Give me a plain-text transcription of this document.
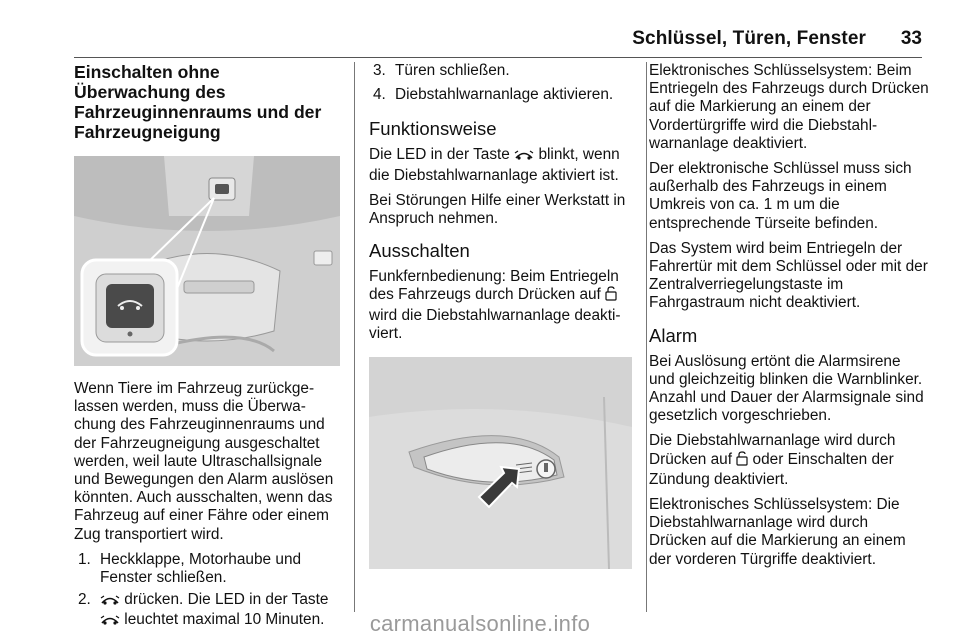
Schlüssel, Türen, Fenster 33
Einschalten ohne Überwachung des Fahrzeuginnenraums und der Fahrzeugneigung

Wenn Tiere im Fahrzeug zurückgelassen werden, muss die Überwachung des Fahrzeuginnenraums und der Fahrzeugneigung ausgeschaltet werden, weil laute Ultraschallsignale und Bewegungen den Alarm auslösen könnten. Auch ausschalten, wenn das Fahrzeug auf einer Fähre oder einem Zug transportiert wird.

1. Heckklappe, Motorhaube und Fenster schließen.
2. drücken. Die LED in der Taste  leuchtet maximal 10 Minuten.
3. Türen schließen.
4. Diebstahlwarnanlage aktivieren.
Funktionsweise

Die LED in der Taste blinkt, wenn die Diebstahlwarnanlage aktiviert ist.

Bei Störungen Hilfe einer Werkstatt in Anspruch nehmen.

Ausschalten

Funkfernbedienung: Beim Entriegeln des Fahrzeugs durch Drücken auf  wird die Diebstahlwarnanlage deaktiviert.

Elektronisches Schlüsselsystem: Beim Entriegeln des Fahrzeugs durch Drücken auf die Markierung an einem der Vordertürgriffe wird die Diebstahlwarnanlage deaktiviert.

Der elektronische Schlüssel muss sich außerhalb des Fahrzeugs in einem Umkreis von ca. 1 m um die entsprechende Türseite befinden.

Das System wird beim Entriegeln der Fahrertür mit dem Schlüssel oder mit der Zentralverriegelungstaste im Fahrgastraum nicht deaktiviert.

Alarm

Bei Auslösung ertönt die Alarmsirene und gleichzeitig blinken die Warnblinker. Anzahl und Dauer der Alarmsignale sind gesetzlich vorgeschrieben.

Die Diebstahlwarnanlage wird durch Drücken auf oder Einschalten der Zündung deaktiviert.

Elektronisches Schlüsselsystem: Die Diebstahlwarnanlage wird durch Drücken auf die Markierung an einem der vorderen Türgriffe deaktiviert.

carmanualsonline.info
